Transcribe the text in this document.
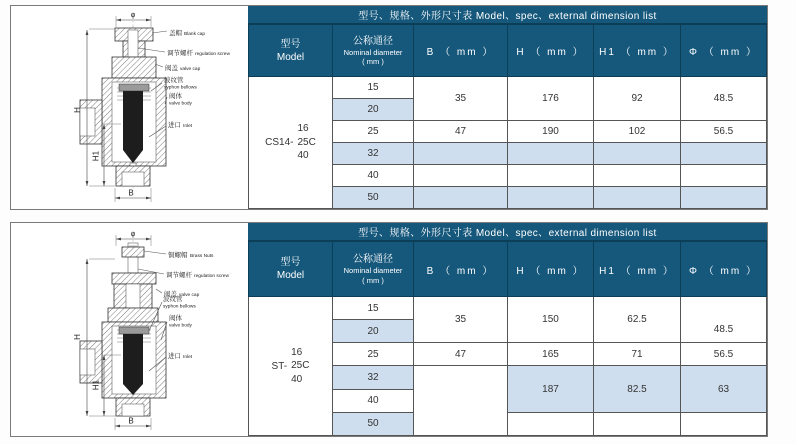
φ
H
H1
B
盖帽 Blank cap
调节螺杆 regulation screw
阀盖 valve cap
波纹管
syphon bellows
阀体
valve body
进口 Inlet
型号、规格、外形尺寸表 Model、spec、external dimension list
型号
Model

公称通径
Nominal diameter
( mm )
	B （ mm ）	H （ mm ）	H1 （ mm ）	Φ （ mm ）

CS14-
16
25C
40	15	35	176	92	48.5
	20				
	25	47	190	102	56.5
	32				
	40				
	50				
φ
H
H1
B
铜螺帽 Brass Nuts
调节螺杆 regulation screw
阀盖 valve cap
波纹管
syphon bellows
阀体
valve body
进口 Inlet
型号、规格、外形尺寸表 Model、spec、external dimension list
型号
Model

公称通径
Nominal diameter
( mm )
	B （ mm ）	H （ mm ）	H1 （ mm ）	Φ （ mm ）

ST-
16
25C
40	15	35	150	62.5	48.5
	20				
	25	47	165	71	56.5
	32		187	82.5	63
	40				
	50				
